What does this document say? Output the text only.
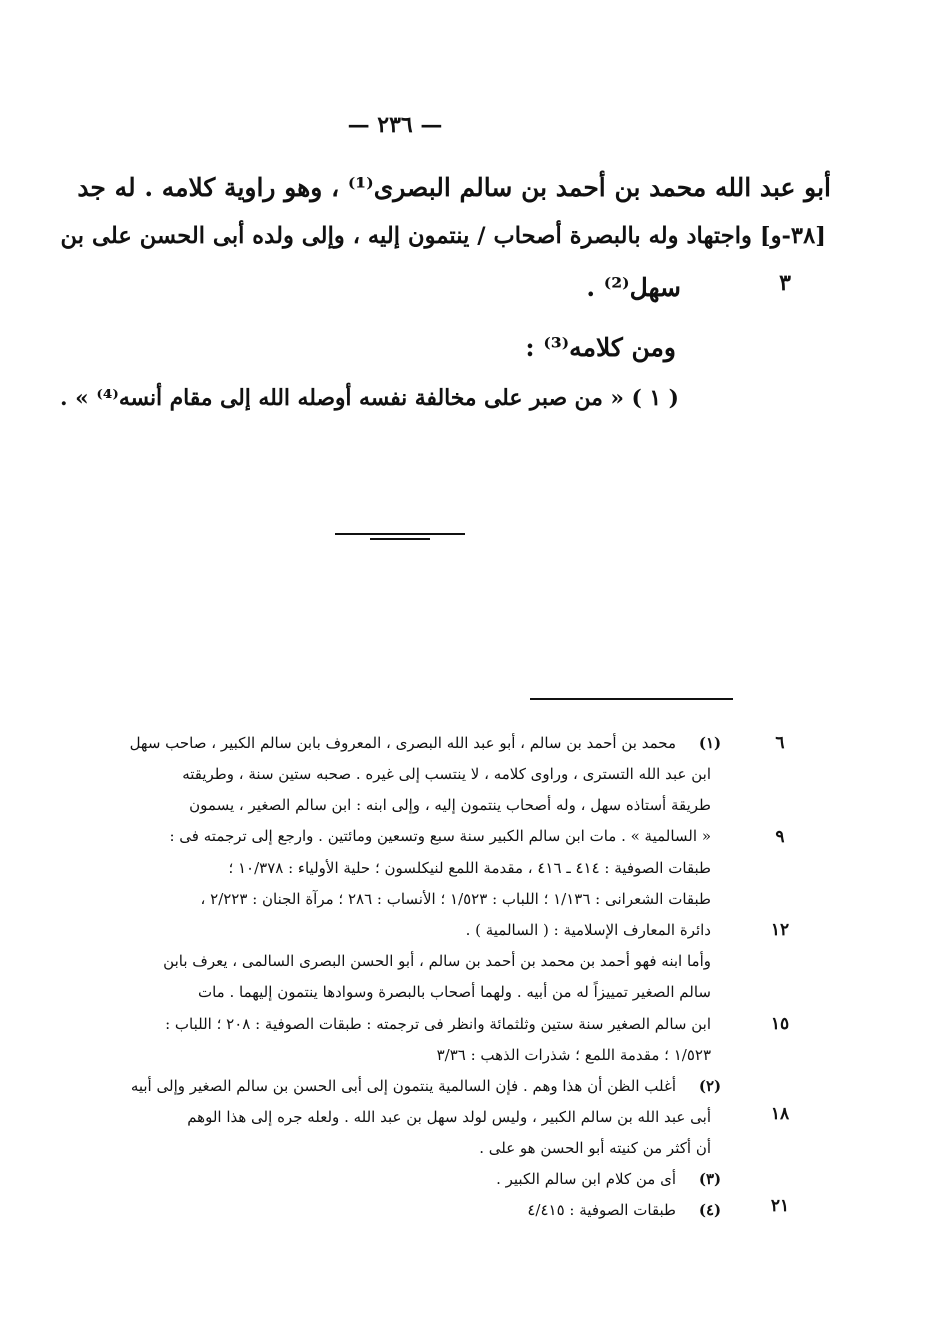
— ٢٣٦ —
أبو عبد الله محمد بن أحمد بن سالم البصرى⁽¹⁾ ، وهو راوية كلامه . له جد
[٣٨-و] واجتهاد وله بالبصرة أصحاب / ينتمون إليه ، وإلى ولده أبى الحسن على بن
سهل⁽²⁾ .	٣
ومن كلامه⁽³⁾ :
( ١ ) « من صبر على مخالفة نفسه أوصله الله إلى مقام أنسه⁽⁴⁾ » .
(١)
(٢)
(٣)
(٤)
٦
٩
١٢
١٥
١٨
٢١
محمد بن أحمد بن سالم ، أبو عبد الله البصرى ، المعروف بابن سالم الكبير ، صاحب سهل
ابن عبد الله التسترى ، وراوى كلامه ، لا ينتسب إلى غيره . صحبه ستين سنة ، وطريقته
طريقة أستاذه سهل ، وله أصحاب ينتمون إليه ، وإلى ابنه : ابن سالم الصغير ، يسمون
« السالمية » . مات ابن سالم الكبير سنة سبع وتسعين ومائتين . وارجع إلى ترجمته فى :
طبقات الصوفية : ٤١٤ ـ ٤١٦ ، مقدمة اللمع لنيكلسون ؛ حلية الأولياء : ١٠/٣٧٨ ؛
طبقات الشعرانى : ١/١٣٦ ؛ اللباب : ١/٥٢٣ ؛ الأنساب : ٢٨٦ ؛ مرآة الجنان : ٢/٢٢٣ ،
دائرة المعارف الإسلامية : ( السالمية ) .
وأما ابنه فهو أحمد بن محمد بن أحمد بن سالم ، أبو الحسن البصرى السالمى ، يعرف بابن
سالم الصغير تمييزاً له من أبيه . ولهما أصحاب بالبصرة وسوادها ينتمون إليهما . مات
ابن سالم الصغير سنة ستين وثلثمائة وانظر فى ترجمته : طبقات الصوفية : ٢٠٨ ؛ اللباب :
١/٥٢٣ ؛ مقدمة اللمع ؛ شذرات الذهب : ٣/٣٦
أغلب الظن أن هذا وهم . فإن السالمية ينتمون إلى أبى الحسن بن سالم الصغير وإلى أبيه
أبى عبد الله بن سالم الكبير ، وليس لولد سهل بن عبد الله . ولعله جره إلى هذا الوهم
أن أكثر من كنيته أبو الحسن هو على .
أى من كلام ابن سالم الكبير .
طبقات الصوفية : ٤/٤١٥
